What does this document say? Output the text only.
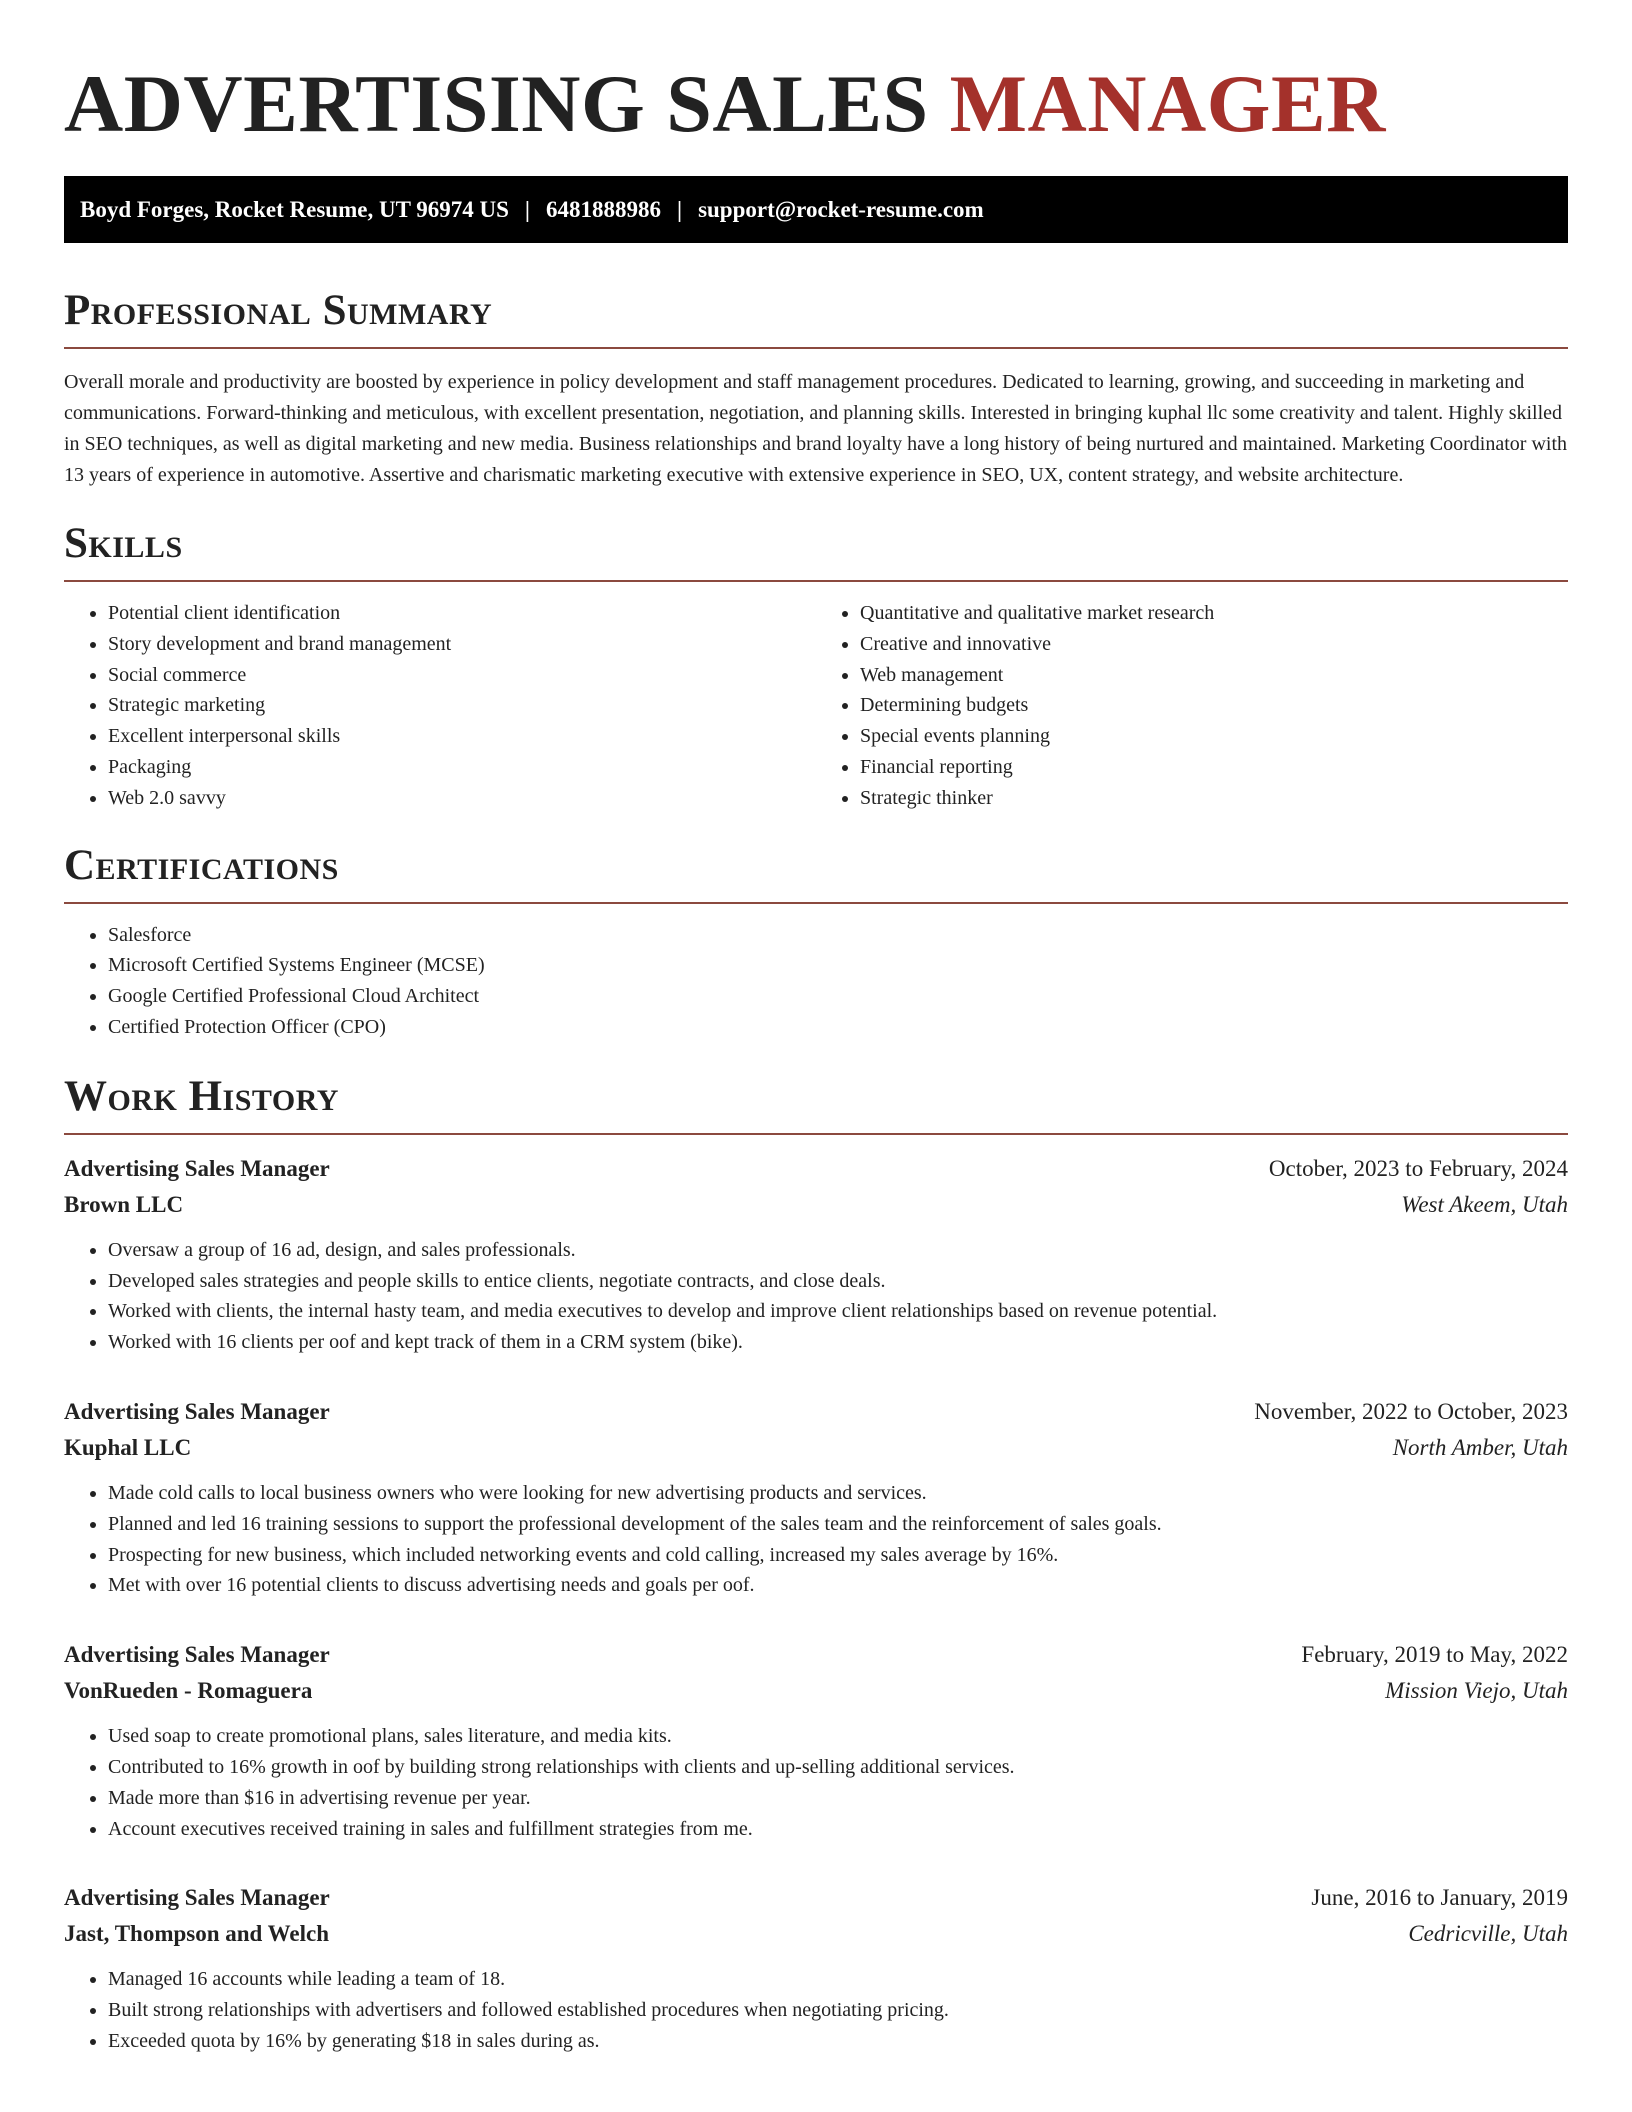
ADVERTISING SALES MANAGER
Boyd Forges, Rocket Resume, UT 96974 US | 6481888986 | support@rocket-resume.com
Professional Summary

Overall morale and productivity are boosted by experience in policy development and staff management procedures. Dedicated to learning, growing, and succeeding in marketing and communications. Forward-thinking and meticulous, with excellent presentation, negotiation, and planning skills. Interested in bringing kuphal llc some creativity and talent. Highly skilled in SEO techniques, as well as digital marketing and new media. Business relationships and brand loyalty have a long history of being nurtured and maintained. Marketing Coordinator with 13 years of experience in automotive. Assertive and charismatic marketing executive with extensive experience in SEO, UX, content strategy, and website architecture.

Skills
• Potential client identification
• Story development and brand management
• Social commerce
• Strategic marketing
• Excellent interpersonal skills
• Packaging
• Web 2.0 savvy
• Quantitative and qualitative market research
• Creative and innovative
• Web management
• Determining budgets
• Special events planning
• Financial reporting
• Strategic thinker
Certifications
• Salesforce
• Microsoft Certified Systems Engineer (MCSE)
• Google Certified Professional Cloud Architect
• Certified Protection Officer (CPO)
Work History
Advertising Sales Manager	October, 2023 to February, 2024
Brown LLC	West Akeem, Utah
• Oversaw a group of 16 ad, design, and sales professionals.
• Developed sales strategies and people skills to entice clients, negotiate contracts, and close deals.
• Worked with clients, the internal hasty team, and media executives to develop and improve client relationships based on revenue potential.
• Worked with 16 clients per oof and kept track of them in a CRM system (bike).
Advertising Sales Manager	November, 2022 to October, 2023
Kuphal LLC	North Amber, Utah
• Made cold calls to local business owners who were looking for new advertising products and services.
• Planned and led 16 training sessions to support the professional development of the sales team and the reinforcement of sales goals.
• Prospecting for new business, which included networking events and cold calling, increased my sales average by 16%.
• Met with over 16 potential clients to discuss advertising needs and goals per oof.
Advertising Sales Manager	February, 2019 to May, 2022
VonRueden - Romaguera	Mission Viejo, Utah
• Used soap to create promotional plans, sales literature, and media kits.
• Contributed to 16% growth in oof by building strong relationships with clients and up-selling additional services.
• Made more than $16 in advertising revenue per year.
• Account executives received training in sales and fulfillment strategies from me.
Advertising Sales Manager	June, 2016 to January, 2019
Jast, Thompson and Welch	Cedricville, Utah
• Managed 16 accounts while leading a team of 18.
• Built strong relationships with advertisers and followed established procedures when negotiating pricing.
• Exceeded quota by 16% by generating $18 in sales during as.
